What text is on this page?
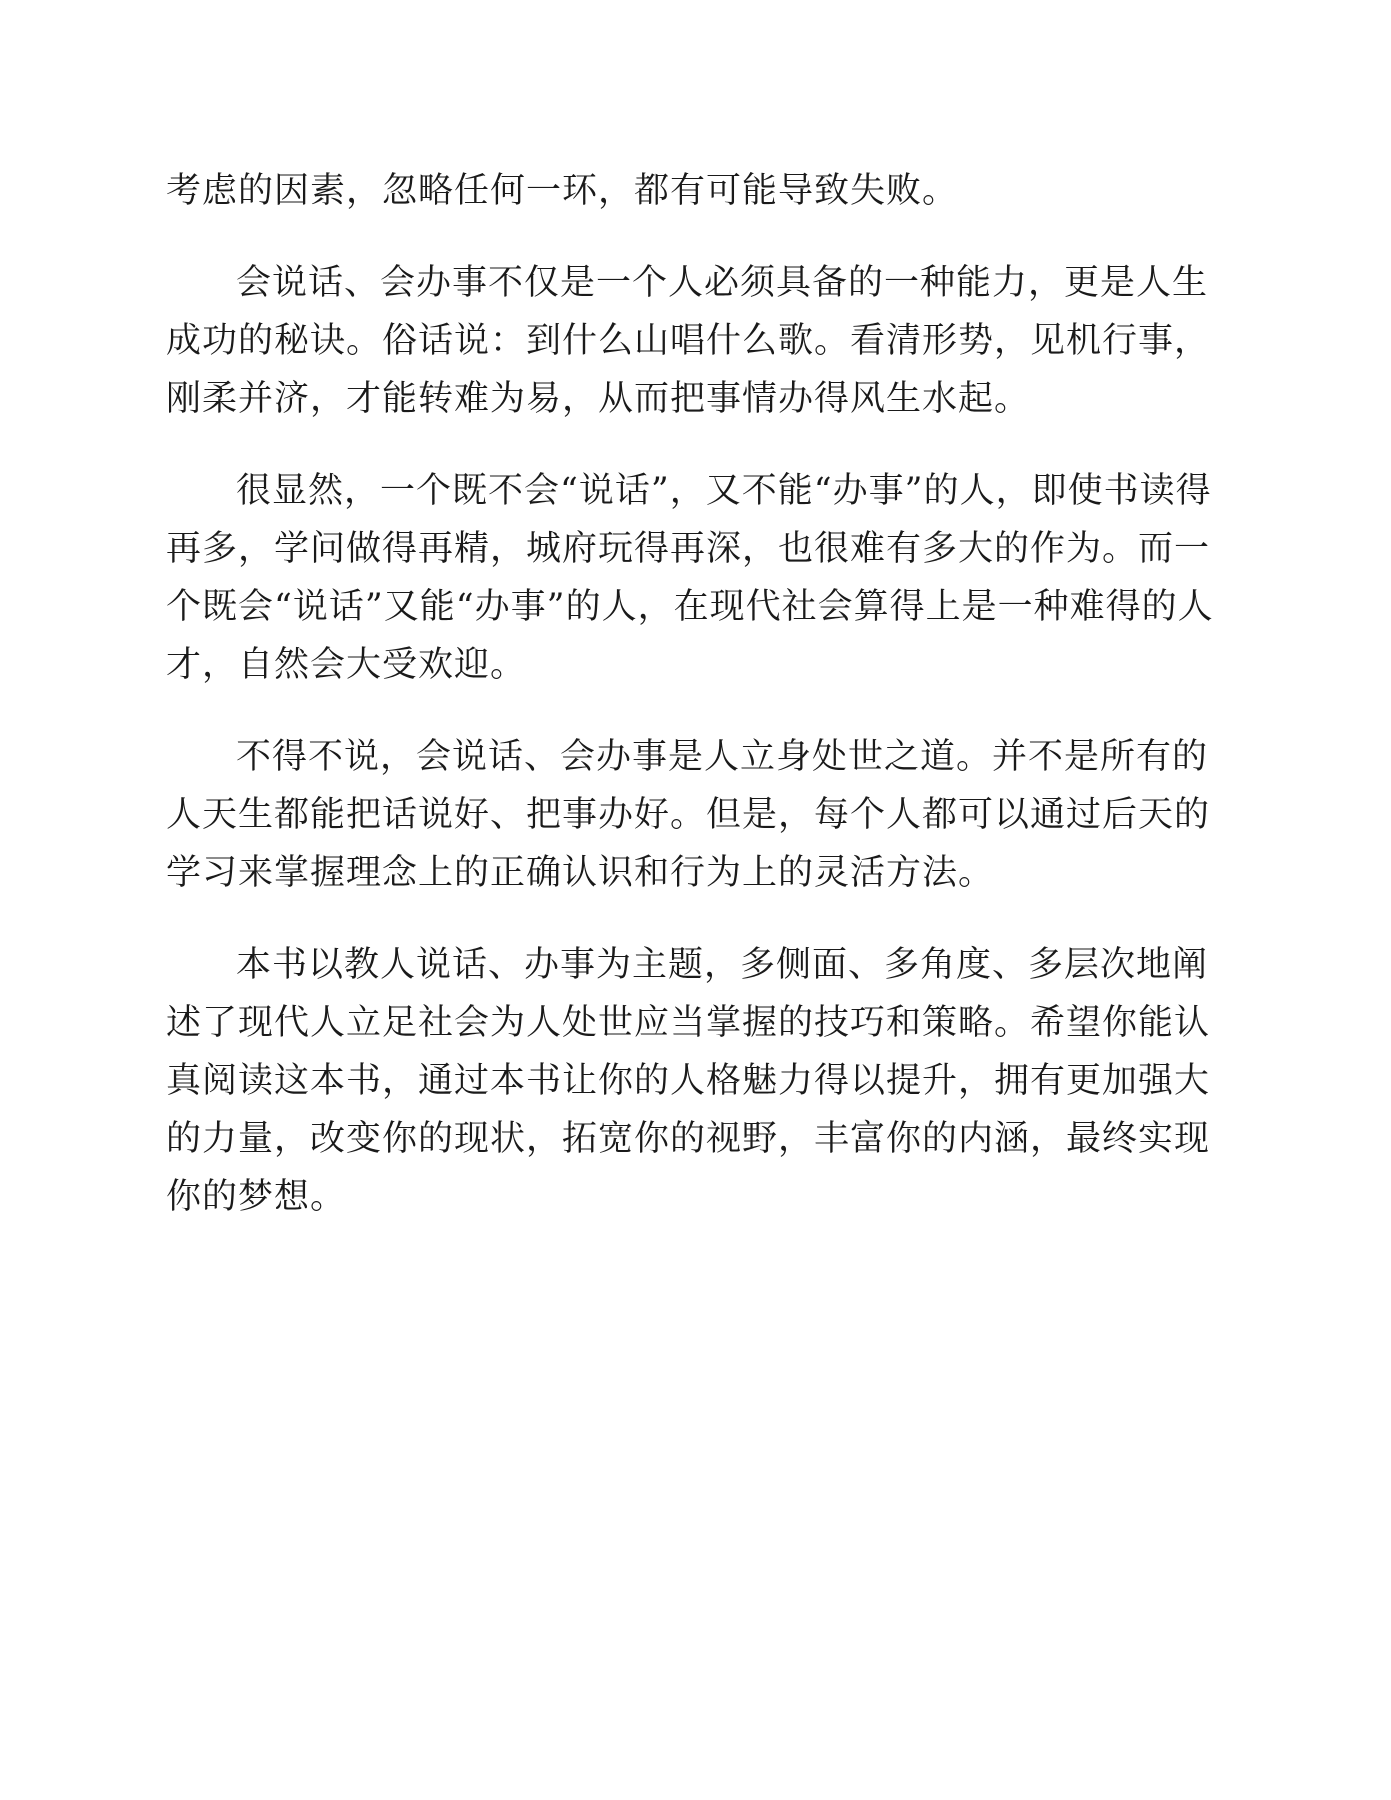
考虑的因素，忽略任何一环，都有可能导致失败。

会说话、会办事不仅是一个人必须具备的一种能力，更是人生成功的秘诀。俗话说：到什么山唱什么歌。看清形势，见机行事，刚柔并济，才能转难为易，从而把事情办得风生水起。

很显然，一个既不会“说话”，又不能“办事”的人，即使书读得再多，学问做得再精，城府玩得再深，也很难有多大的作为。而一个既会“说话”又能“办事”的人，在现代社会算得上是一种难得的人才，自然会大受欢迎。

不得不说，会说话、会办事是人立身处世之道。并不是所有的人天生都能把话说好、把事办好。但是，每个人都可以通过后天的学习来掌握理念上的正确认识和行为上的灵活方法。

本书以教人说话、办事为主题，多侧面、多角度、多层次地阐述了现代人立足社会为人处世应当掌握的技巧和策略。希望你能认真阅读这本书，通过本书让你的人格魅力得以提升，拥有更加强大的力量，改变你的现状，拓宽你的视野，丰富你的内涵，最终实现你的梦想。
